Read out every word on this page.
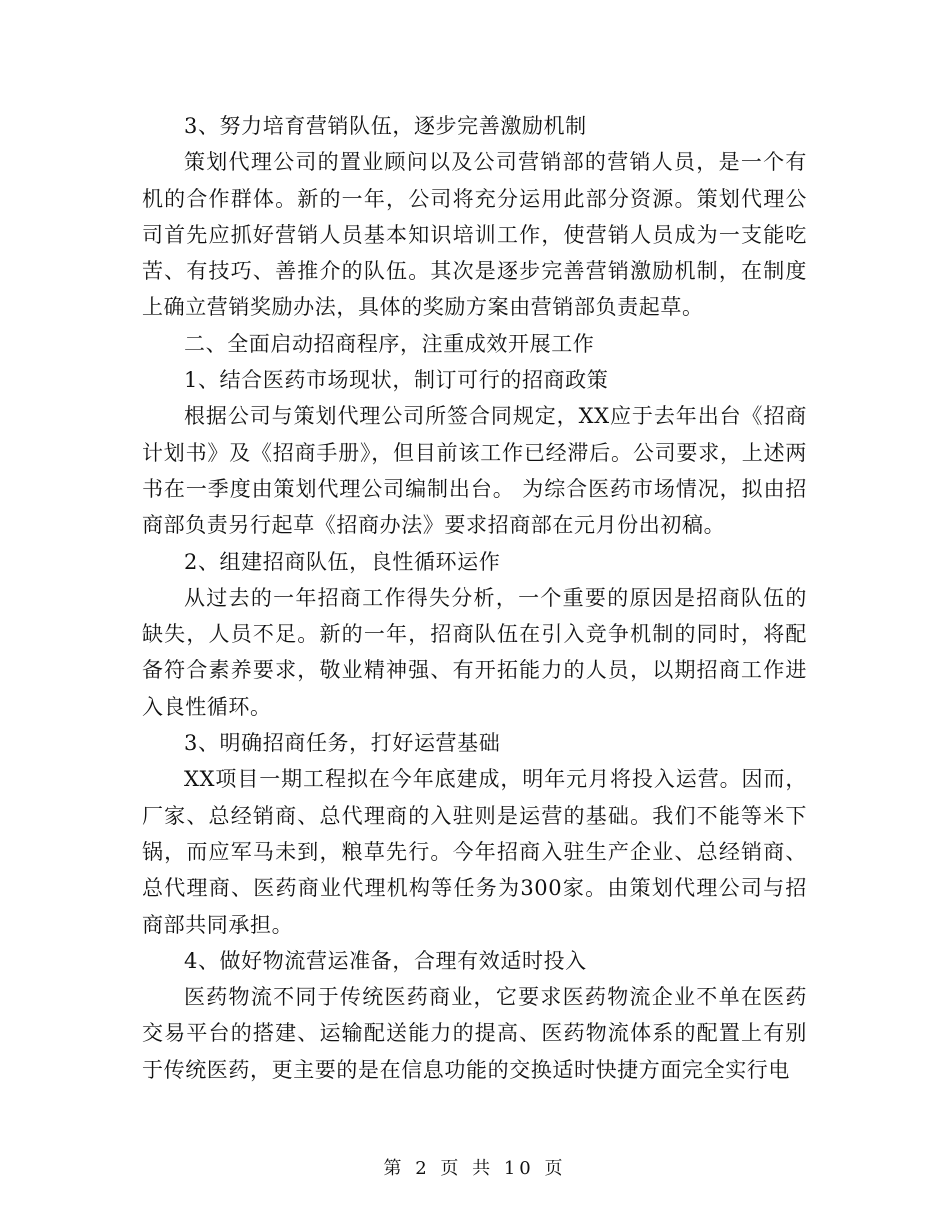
3、努力培育营销队伍，逐步完善激励机制

策划代理公司的置业顾问以及公司营销部的营销人员，是一个有机的合作群体。新的一年，公司将充分运用此部分资源。策划代理公司首先应抓好营销人员基本知识培训工作，使营销人员成为一支能吃苦、有技巧、善推介的队伍。其次是逐步完善营销激励机制，在制度上确立营销奖励办法，具体的奖励方案由营销部负责起草。

二、全面启动招商程序，注重成效开展工作

1、结合医药市场现状，制订可行的招商政策

根据公司与策划代理公司所签合同规定，XX应于去年出台《招商计划书》及《招商手册》，但目前该工作已经滞后。公司要求，上述两书在一季度由策划代理公司编制出台。 为综合医药市场情况，拟由招商部负责另行起草《招商办法》要求招商部在元月份出初稿。

2、组建招商队伍，良性循环运作

从过去的一年招商工作得失分析，一个重要的原因是招商队伍的缺失，人员不足。新的一年，招商队伍在引入竞争机制的同时，将配备符合素养要求，敬业精神强、有开拓能力的人员，以期招商工作进入良性循环。

3、明确招商任务，打好运营基础

XX项目一期工程拟在今年底建成，明年元月将投入运营。因而，厂家、总经销商、总代理商的入驻则是运营的基础。我们不能等米下锅，而应军马未到，粮草先行。今年招商入驻生产企业、总经销商、总代理商、医药商业代理机构等任务为300家。由策划代理公司与招商部共同承担。

4、做好物流营运准备，合理有效适时投入

医药物流不同于传统医药商业，它要求医药物流企业不单在医药交易平台的搭建、运输配送能力的提高、医药物流体系的配置上有别于传统医药，更主要的是在信息功能的交换适时快捷方面完全实行电

第 2 页 共 10 页
